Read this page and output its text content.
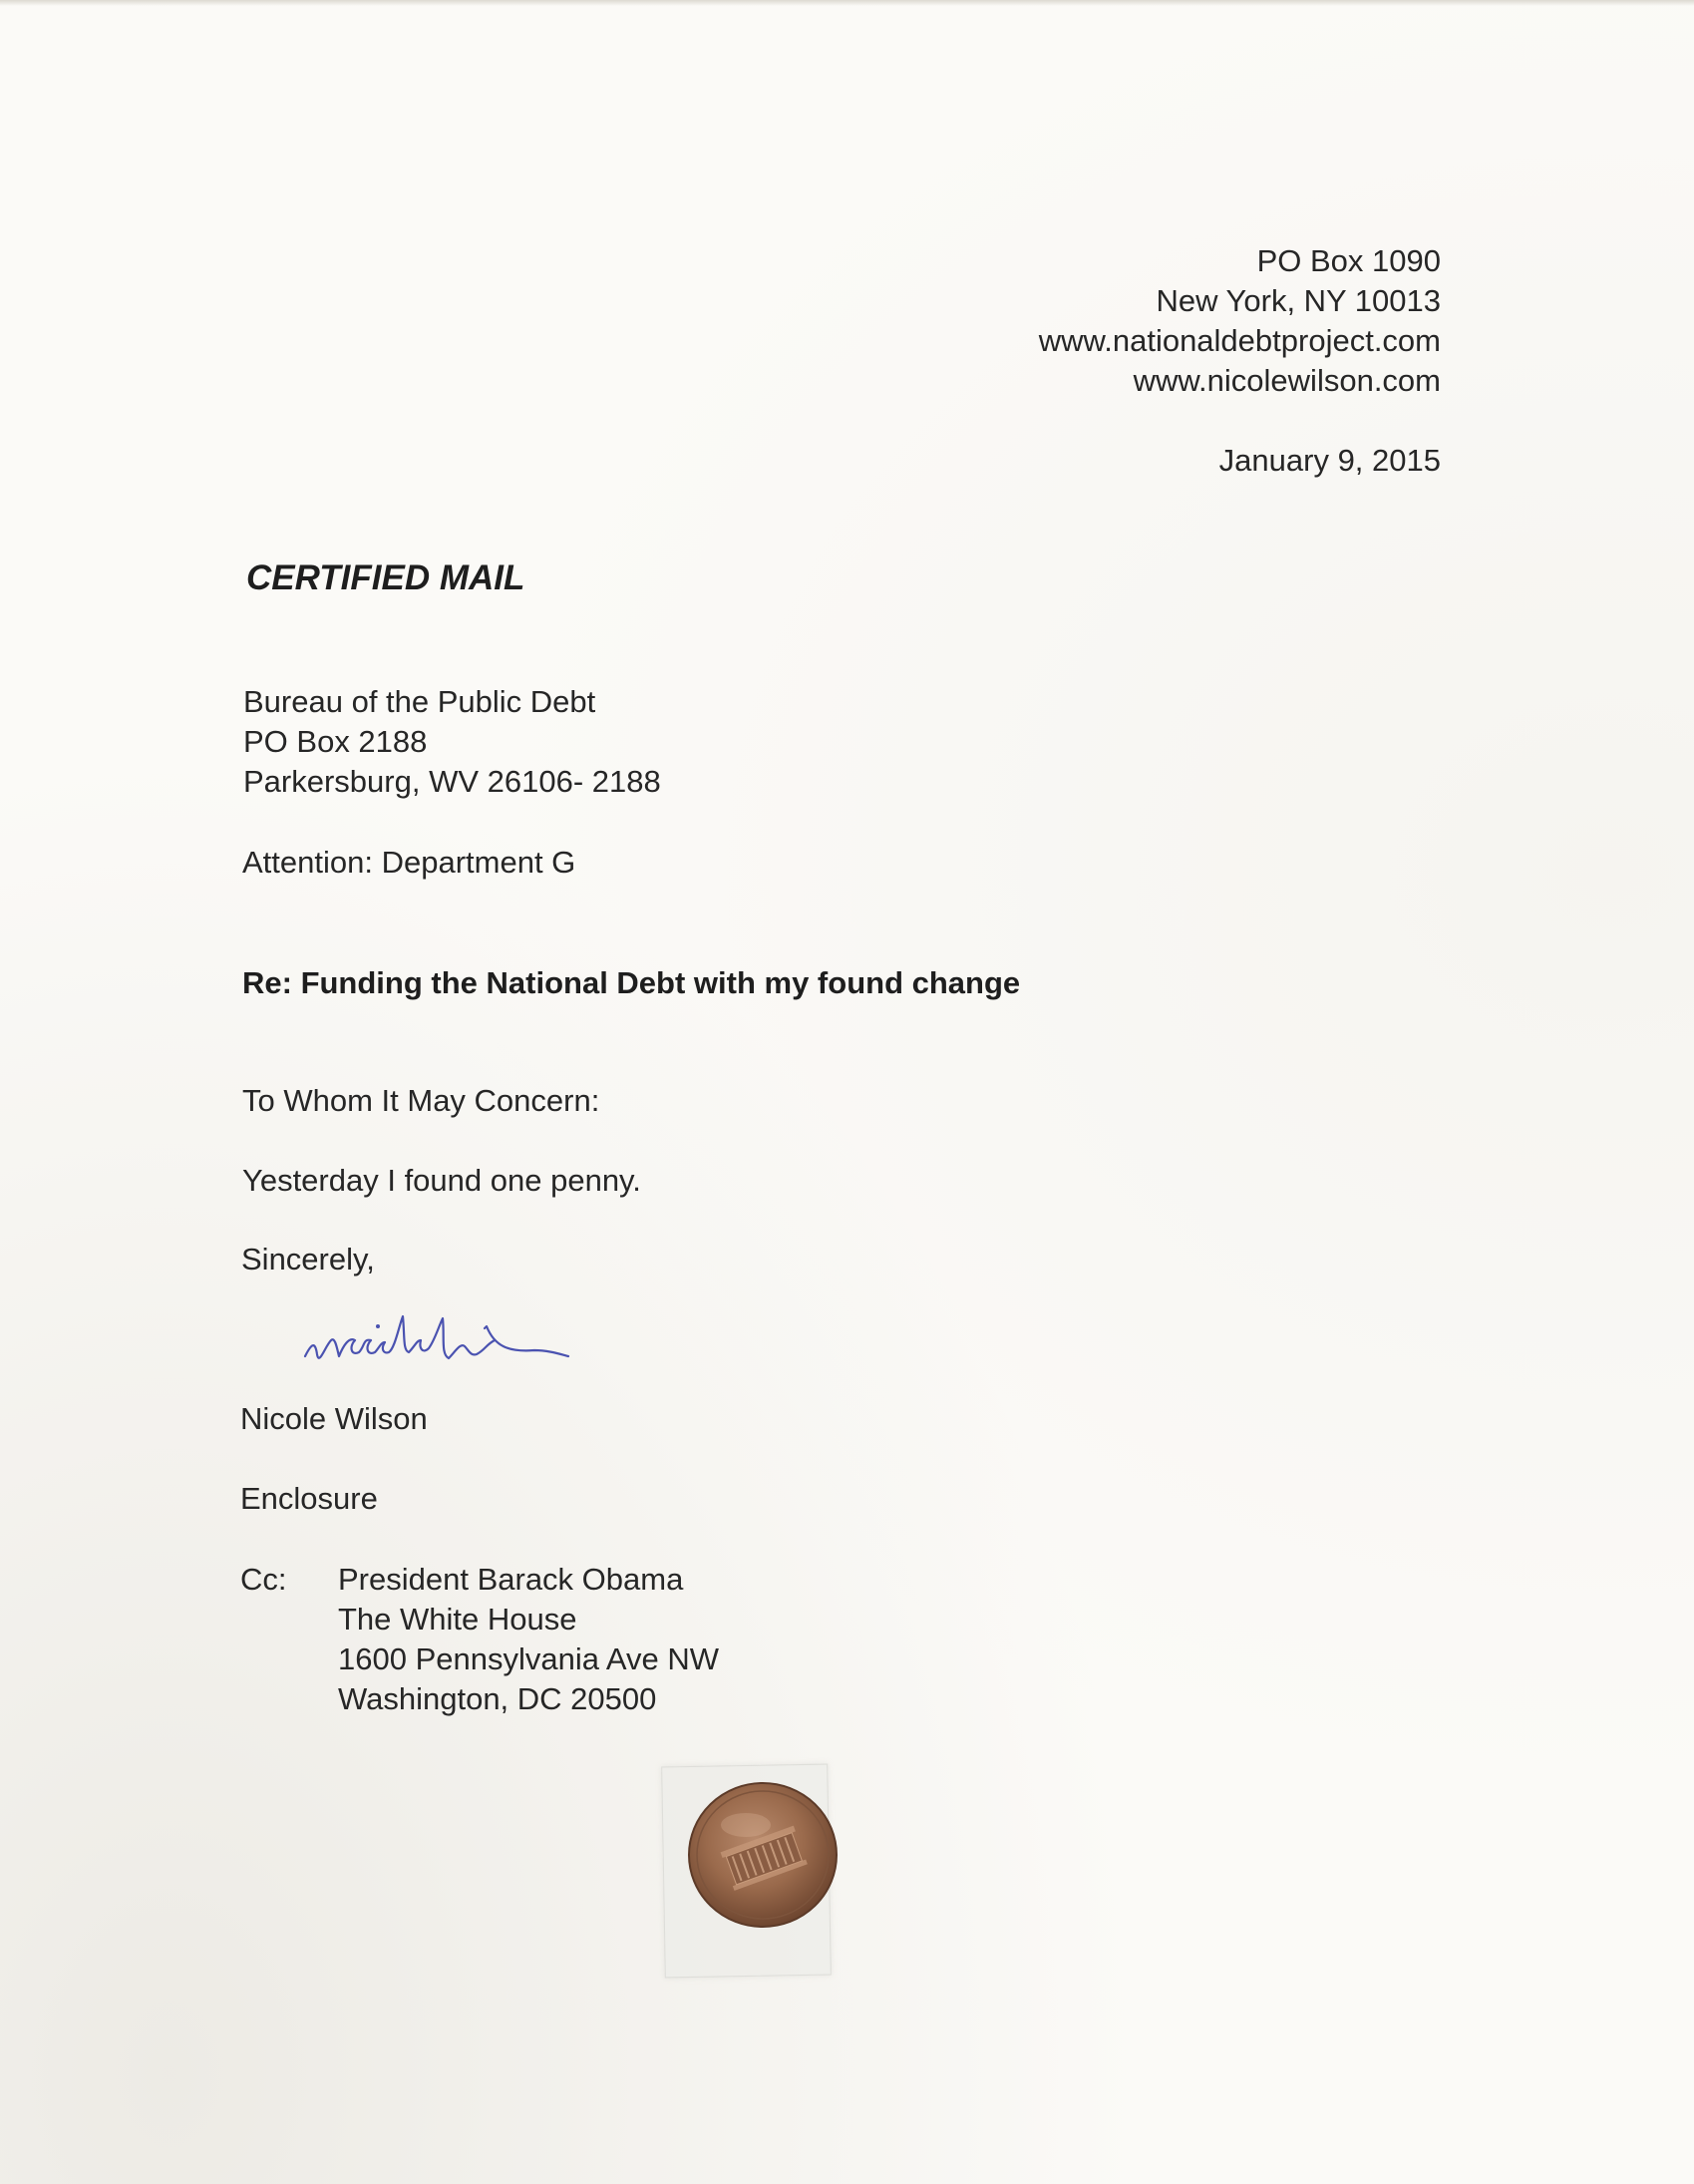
PO Box 1090
New York, NY 10013
www.nationaldebtproject.com
www.nicolewilson.com
January 9, 2015
CERTIFIED MAIL
Bureau of the Public Debt
PO Box 2188
Parkersburg, WV 26106- 2188
Attention: Department G
Re: Funding the National Debt with my found change
To Whom It May Concern:
Yesterday I found one penny.
Sincerely,
Nicole Wilson
Enclosure
Cc: President Barack Obama
The White House
1600 Pennsylvania Ave NW
Washington, DC 20500
